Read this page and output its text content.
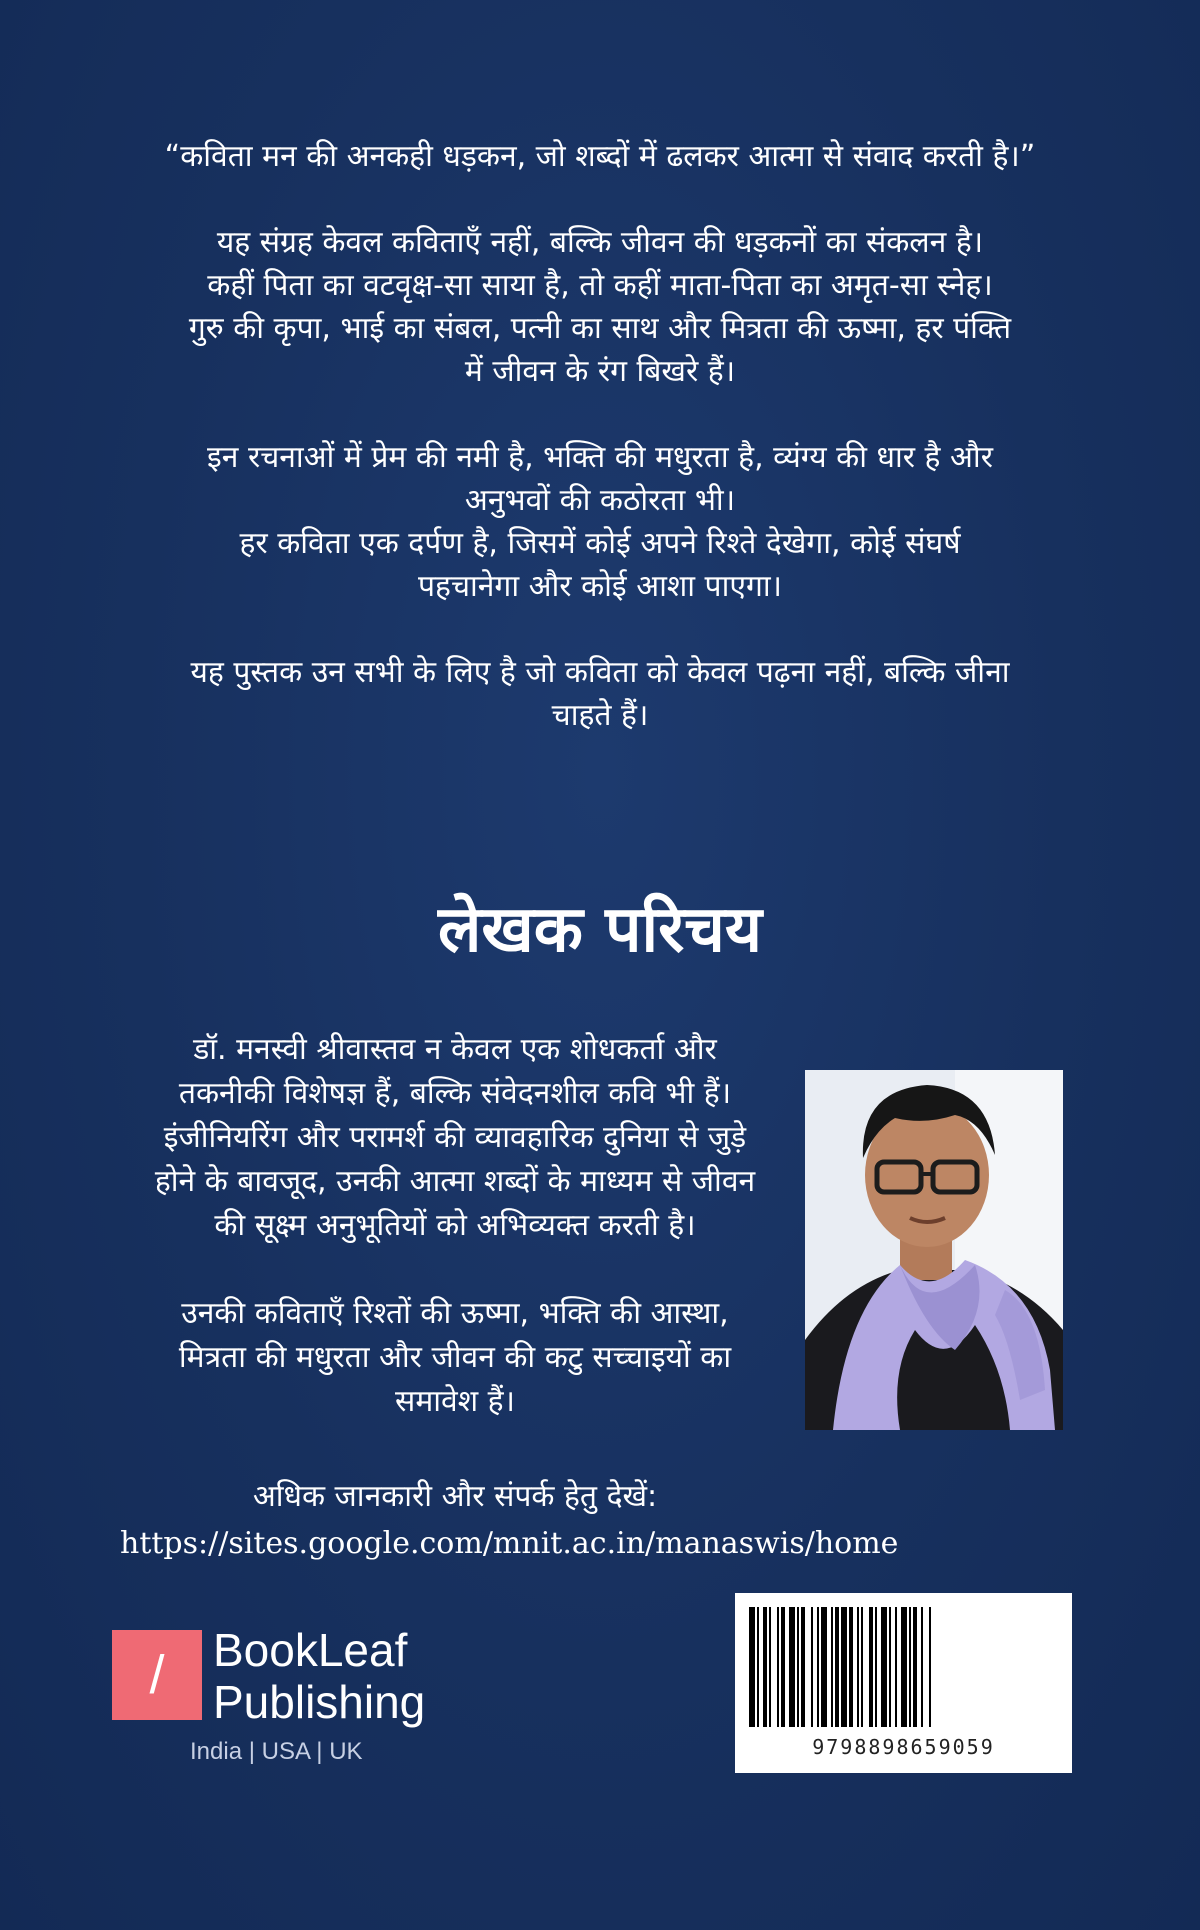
“कविता मन की अनकही धड़कन, जो शब्दों में ढलकर आत्मा से संवाद करती है।”

यह संग्रह केवल कविताएँ नहीं, बल्कि जीवन की धड़कनों का संकलन है।
कहीं पिता का वटवृक्ष-सा साया है, तो कहीं माता-पिता का अमृत-सा स्नेह।
गुरु की कृपा, भाई का संबल, पत्नी का साथ और मित्रता की ऊष्मा, हर पंक्ति
में जीवन के रंग बिखरे हैं।

इन रचनाओं में प्रेम की नमी है, भक्ति की मधुरता है, व्यंग्य की धार है और
अनुभवों की कठोरता भी।
हर कविता एक दर्पण है, जिसमें कोई अपने रिश्ते देखेगा, कोई संघर्ष
पहचानेगा और कोई आशा पाएगा।

यह पुस्तक उन सभी के लिए है जो कविता को केवल पढ़ना नहीं, बल्कि जीना
चाहते हैं।

लेखक परिचय

डॉ. मनस्वी श्रीवास्तव न केवल एक शोधकर्ता और
तकनीकी विशेषज्ञ हैं, बल्कि संवेदनशील कवि भी हैं।
इंजीनियरिंग और परामर्श की व्यावहारिक दुनिया से जुड़े
होने के बावजूद, उनकी आत्मा शब्दों के माध्यम से जीवन
की सूक्ष्म अनुभूतियों को अभिव्यक्त करती है।

उनकी कविताएँ रिश्तों की ऊष्मा, भक्ति की आस्था,
मित्रता की मधुरता और जीवन की कटु सच्चाइयों का
समावेश हैं।

अधिक जानकारी और संपर्क हेतु देखें:
https://sites.google.com/mnit.ac.in/manaswis/home
/	BookLeaf
Publishing
India | USA | UK	9798898659059
